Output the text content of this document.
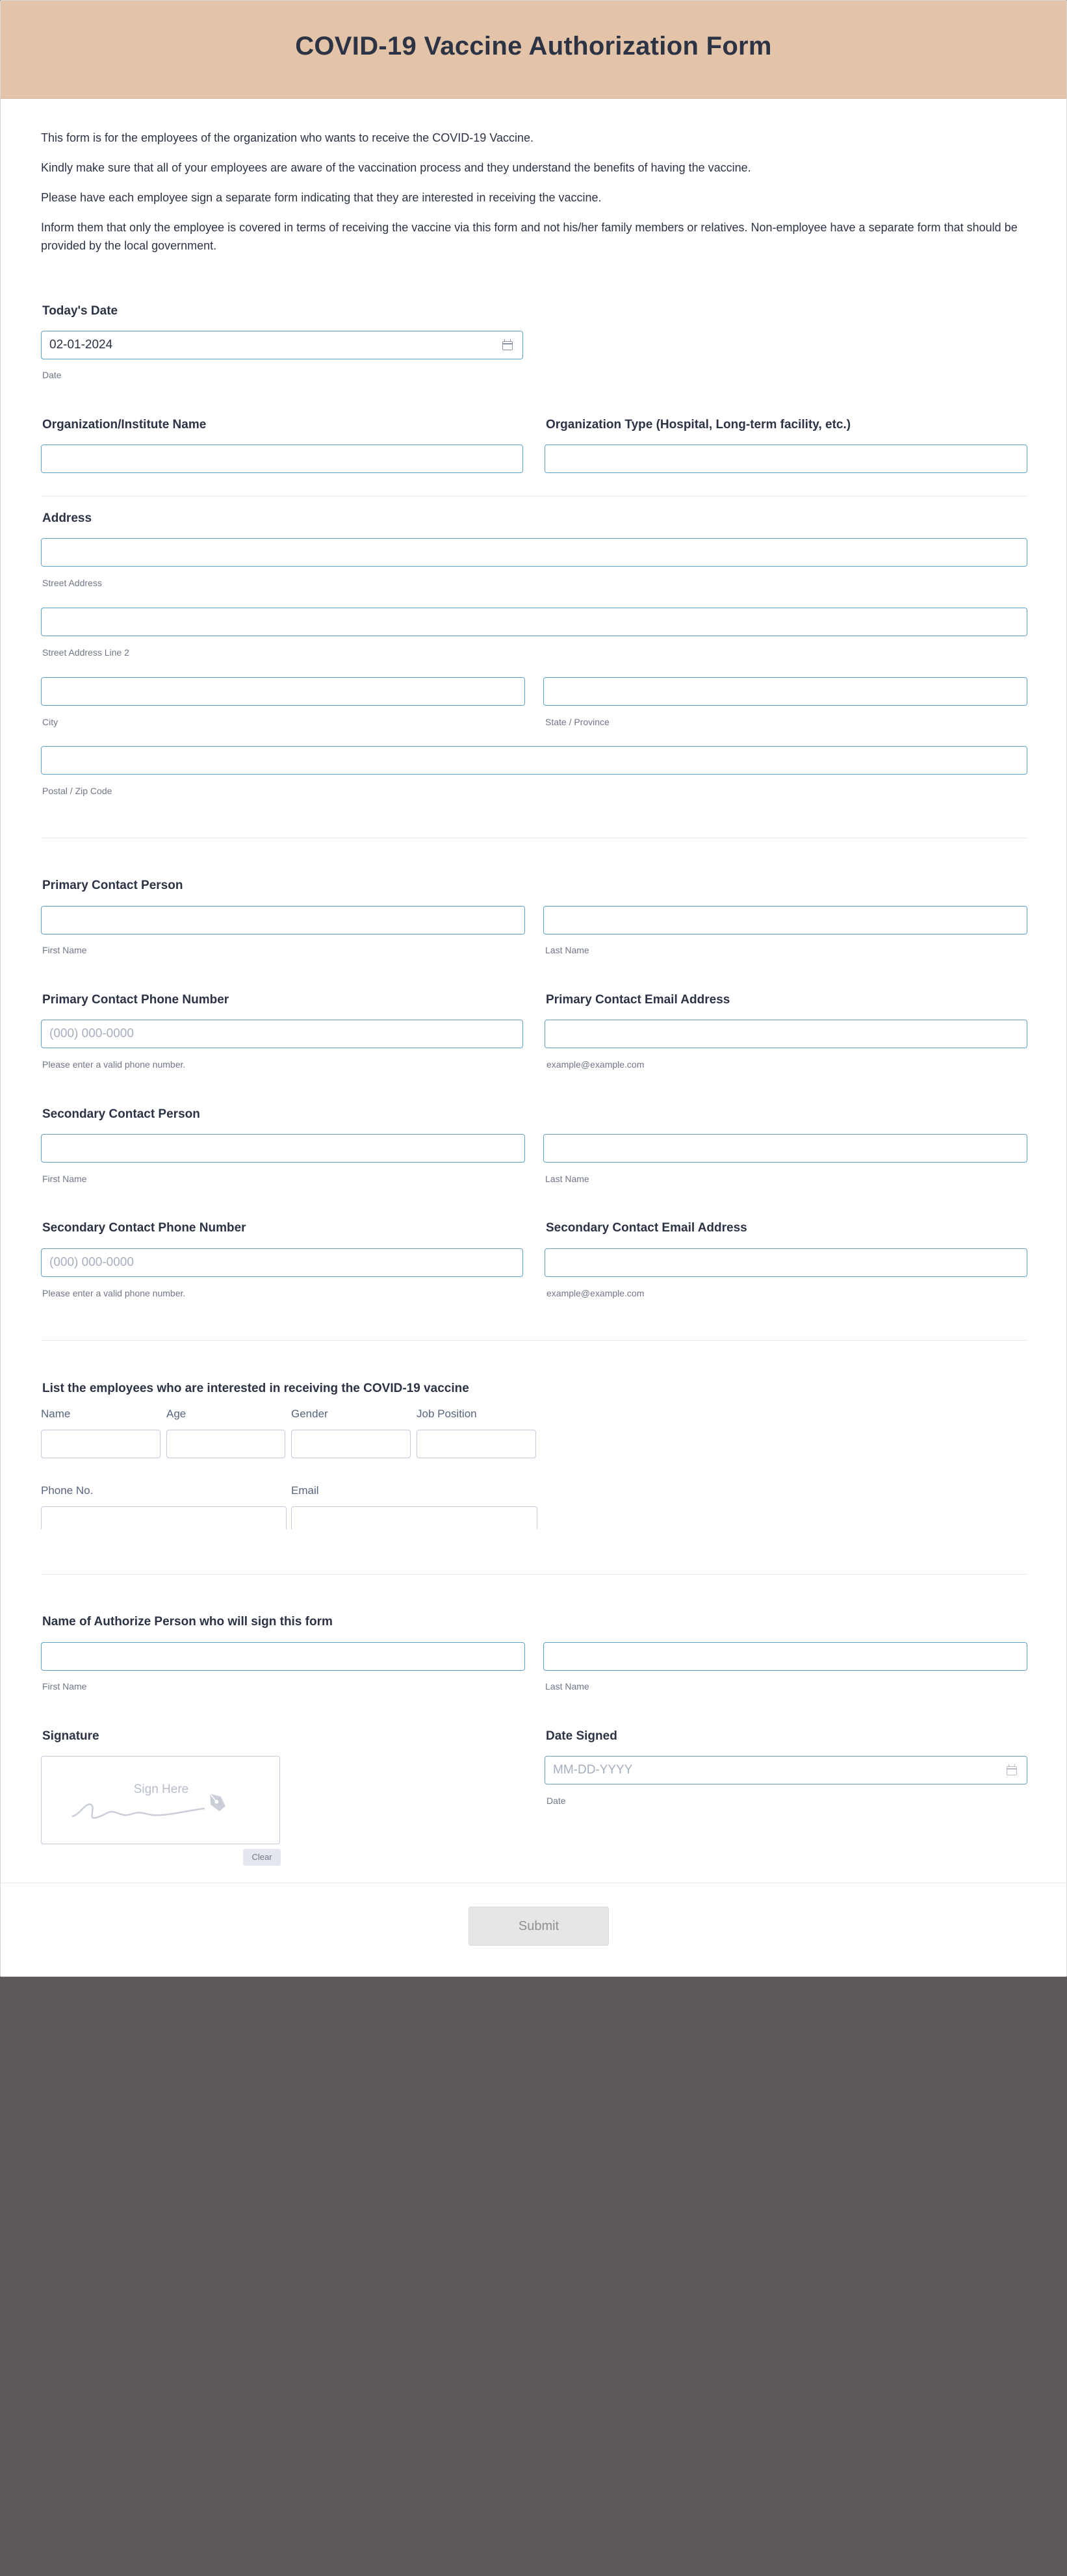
COVID-19 Vaccine Authorization Form

This form is for the employees of the organization who wants to receive the COVID-19 Vaccine.

Kindly make sure that all of your employees are aware of the vaccination process and they understand the benefits of having the vaccine.

Please have each employee sign a separate form indicating that they are interested in receiving the vaccine.

Inform them that only the employee is covered in terms of receiving the vaccine via this form and not his/her family members or relatives. Non-employee have a separate form that should be provided by the local government.

Today's Date
02-01-2024
Date
Organization/Institute Name	Organization Type (Hospital, Long-term facility, etc.)
Address
Street Address
Street Address Line 2
City	State / Province
Postal / Zip Code
Primary Contact Person
First Name	Last Name
Primary Contact Phone Number
(000) 000-0000
Please enter a valid phone number.
Primary Contact Email Address
example@example.com
Secondary Contact Person
First Name	Last Name
Secondary Contact Phone Number
(000) 000-0000
Please enter a valid phone number.
Secondary Contact Email Address
example@example.com
List the employees who are interested in receiving the COVID-19 vaccine
Name	Age	Gender	Job Position
Phone No.	Email
Name of Authorize Person who will sign this form
First Name	Last Name
Signature
Sign Here
Clear
Date Signed
MM-DD-YYYY
Date
Submit
